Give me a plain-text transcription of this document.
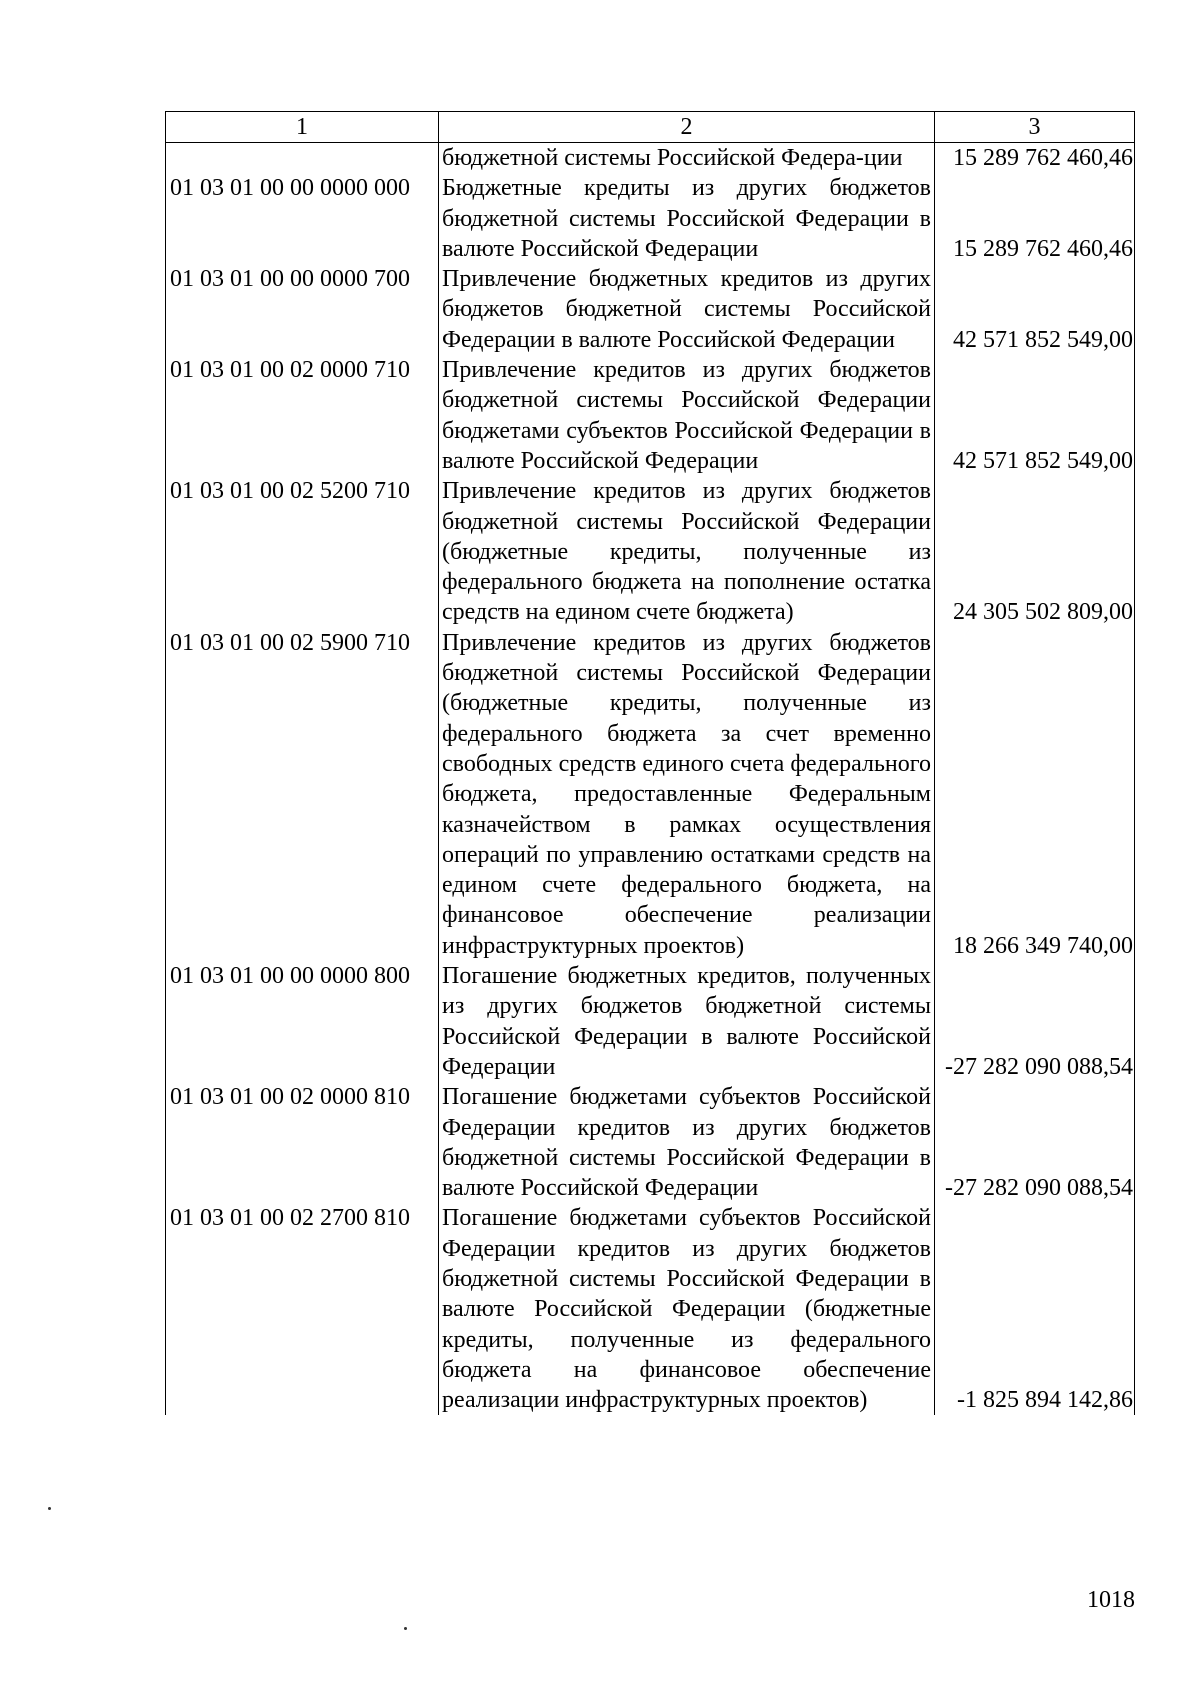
1	2	3
	бюджетной системы Российской Федера-ции	15 289 762 460,46
01 03 01 00 00 0000 000	Бюджетные кредиты из других бюджетов бюджетной системы Российской Федерации в валюте Российской Федерации	15 289 762 460,46
01 03 01 00 00 0000 700	Привлечение бюджетных кредитов из других бюджетов бюджетной системы Российской Федерации в валюте Российской Федерации	42 571 852 549,00
01 03 01 00 02 0000 710	Привлечение кредитов из других бюджетов бюджетной системы Российской Федерации бюджетами субъектов Российской Федерации в валюте Российской Федерации	42 571 852 549,00
01 03 01 00 02 5200 710	Привлечение кредитов из других бюджетов бюджетной системы Российской Федерации (бюджетные кредиты, полученные из федерального бюджета на пополнение остатка средств на едином счете бюджета)	24 305 502 809,00
01 03 01 00 02 5900 710	Привлечение кредитов из других бюджетов бюджетной системы Российской Федерации (бюджетные кредиты, полученные из федерального бюджета за счет временно свободных средств единого счета федерального бюджета, предоставленные Федеральным казначейством в рамках осуществления операций по управлению остатками средств на едином счете федерального бюджета, на финансовое обеспечение реализации инфраструктурных проектов)	18 266 349 740,00
01 03 01 00 00 0000 800	Погашение бюджетных кредитов, полученных из других бюджетов бюджетной системы Российской Федерации в валюте Российской Федерации	-27 282 090 088,54
01 03 01 00 02 0000 810	Погашение бюджетами субъектов Российской Федерации кредитов из других бюджетов бюджетной системы Российской Федерации в валюте Российской Федерации	-27 282 090 088,54
01 03 01 00 02 2700 810	Погашение бюджетами субъектов Российской Федерации кредитов из других бюджетов бюджетной системы Российской Федерации в валюте Российской Федерации (бюджетные кредиты, полученные из федерального бюджета на финансовое обеспечение реализации инфраструктурных проектов)	-1 825 894 142,86
1018
